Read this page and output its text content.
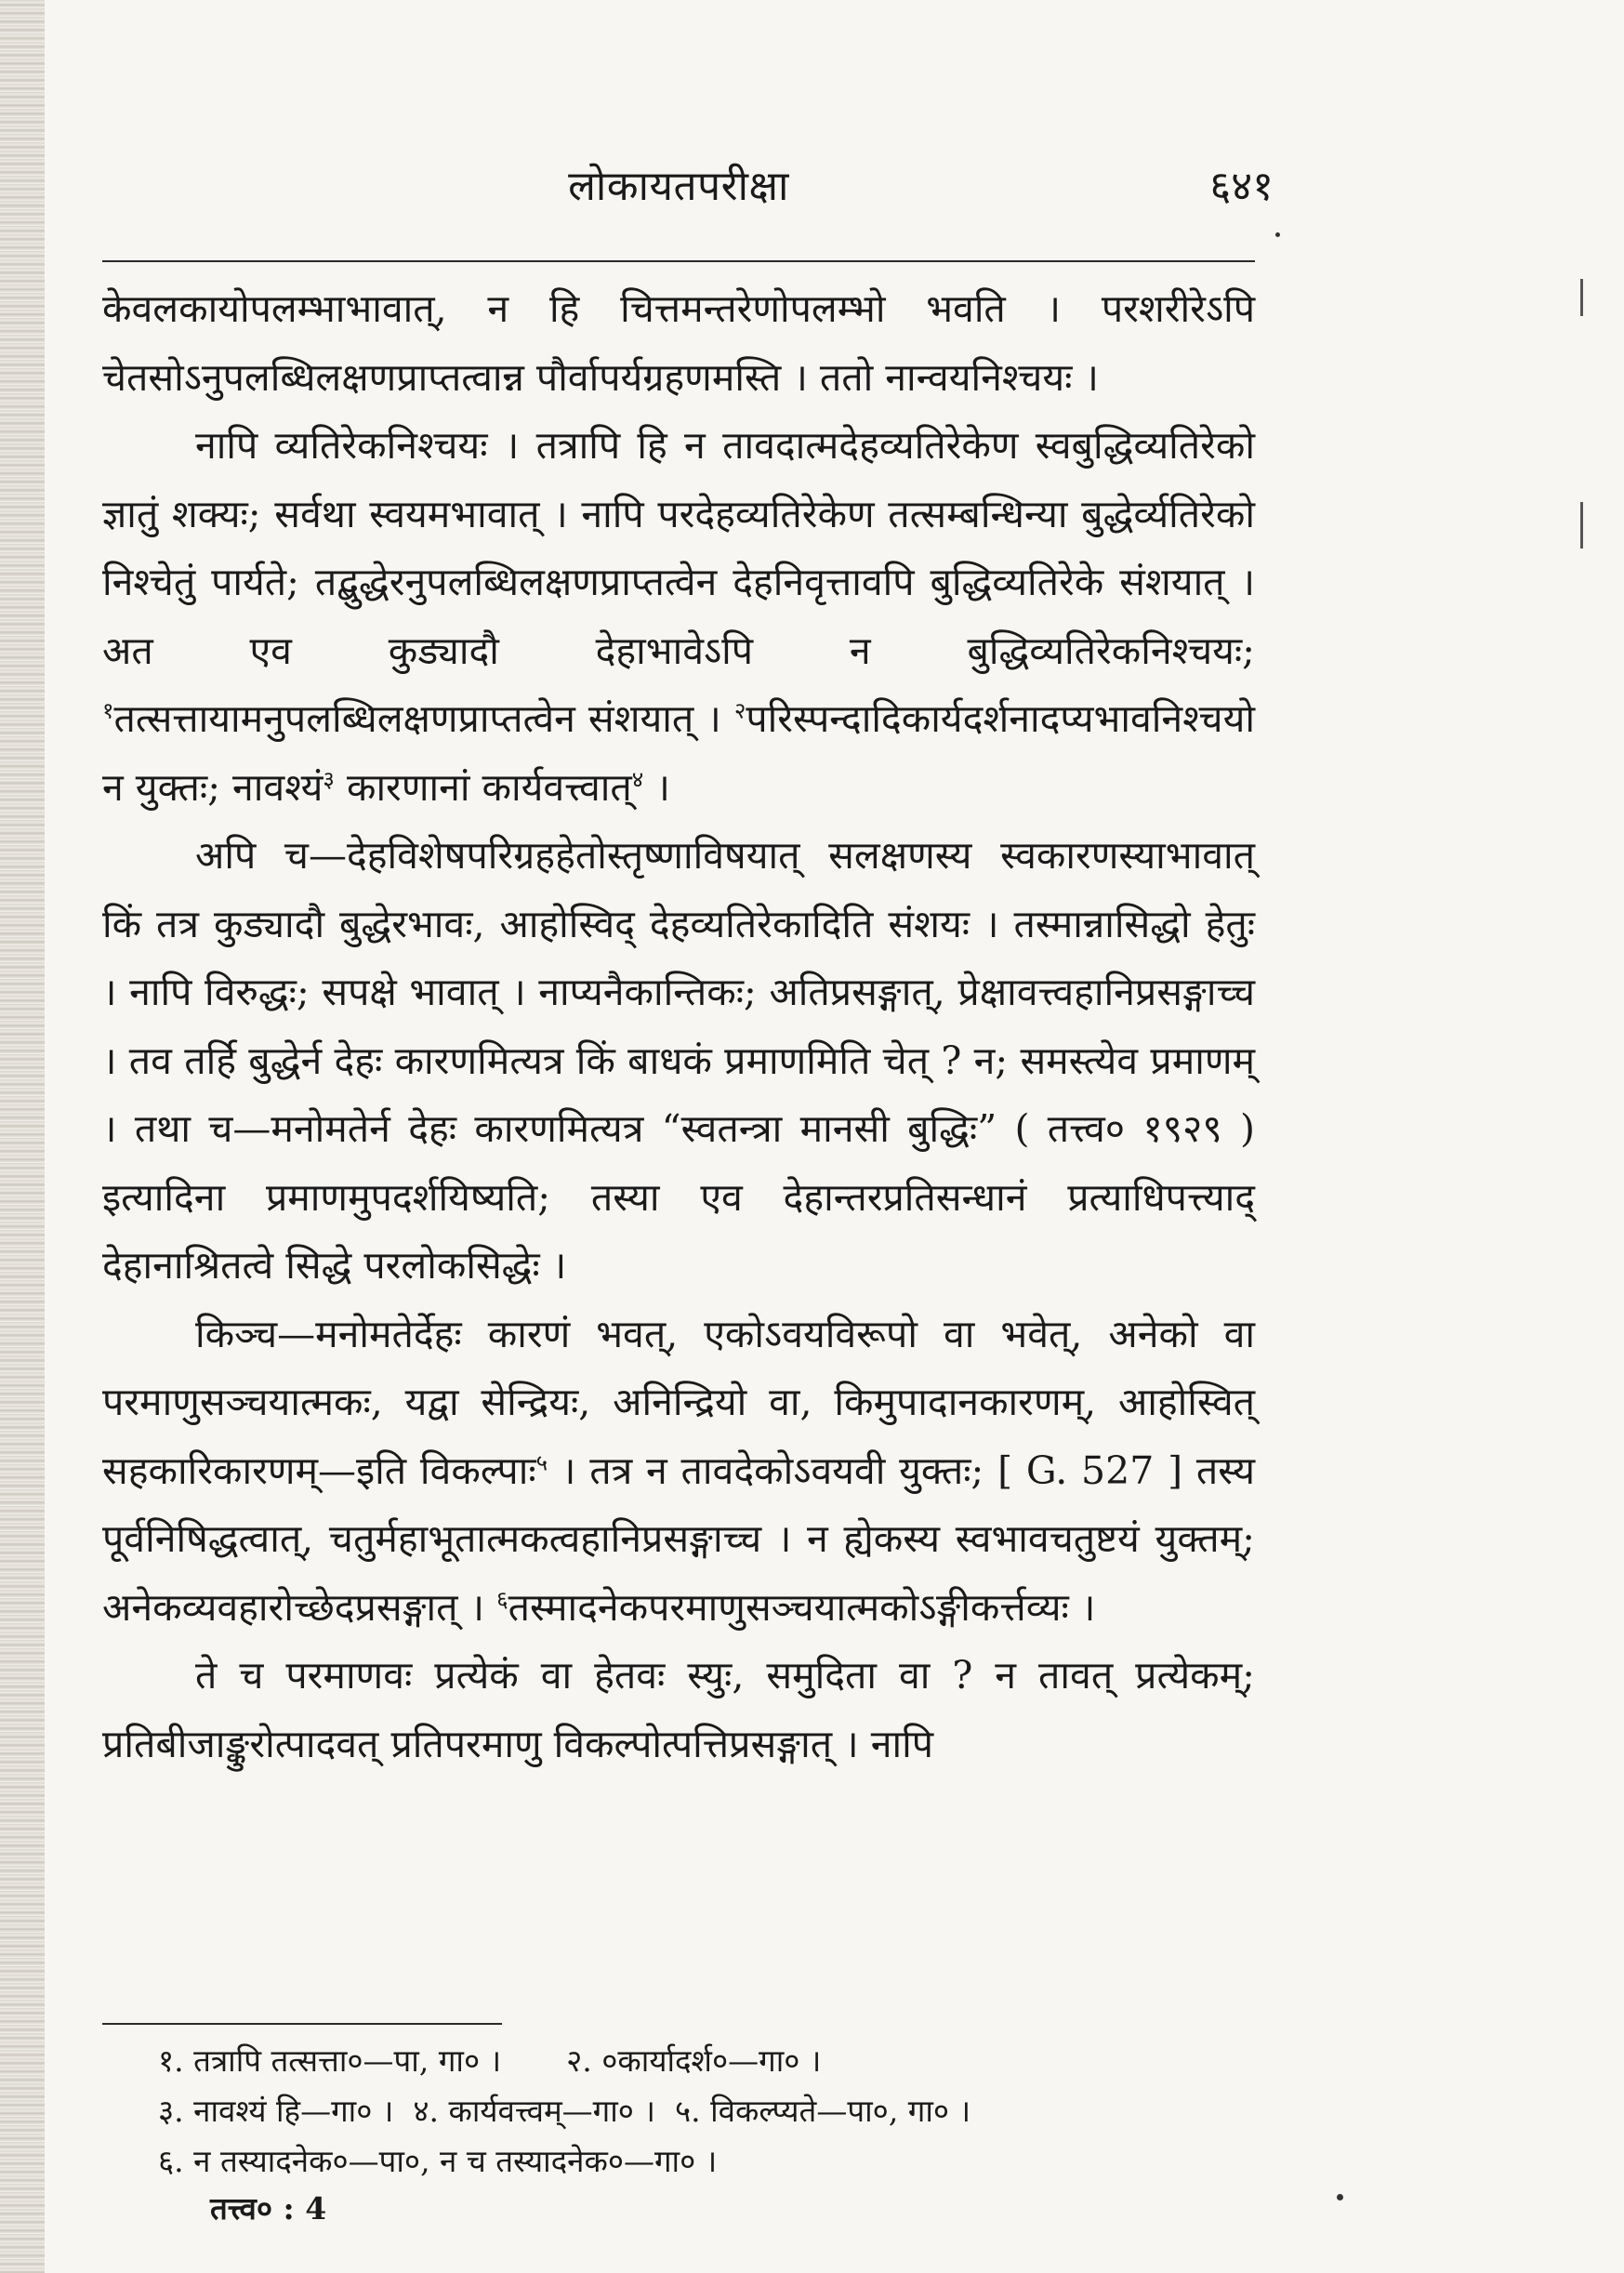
लोकायतपरीक्षा	६४१

केवलकायोपलम्भाभावात्, न हि चित्तमन्तरेणोपलम्भो भवति । परशरीरेऽपि चेतसोऽनुपलब्धिलक्षणप्राप्तत्वान्न पौर्वापर्यग्रहणमस्ति । ततो नान्वयनिश्चयः ।

नापि व्यतिरेकनिश्चयः । तत्रापि हि न तावदात्मदेहव्यतिरेकेण स्वबुद्धिव्यतिरेको ज्ञातुं शक्यः; सर्वथा स्वयमभावात् । नापि परदेहव्यतिरेकेण तत्सम्बन्धिन्या बुद्धेर्व्यतिरेको निश्चेतुं पार्यते; तद्बुद्धेरनुपलब्धिलक्षणप्राप्तत्वेन देहनिवृत्तावपि बुद्धिव्यतिरेके संशयात् । अत एव कुड्यादौ देहाभावेऽपि न बुद्धिव्यतिरेकनिश्चयः; $^१$तत्सत्तायामनुपलब्धिलक्षणप्राप्तत्वेन संशयात् । $^२$परिस्पन्दादिकार्यदर्शनादप्यभावनिश्चयो न युक्तः; नावश्यं$^३$ कारणानां कार्यवत्त्वात्$^४$ ।

अपि च—देहविशेषपरिग्रहहेतोस्तृष्णाविषयात् सलक्षणस्य स्वकारणस्याभावात् किं तत्र कुड्यादौ बुद्धेरभावः, आहोस्विद् देहव्यतिरेकादिति संशयः । तस्मान्नासिद्धो हेतुः । नापि विरुद्धः; सपक्षे भावात् । नाप्यनैकान्तिकः; अतिप्रसङ्गात्, प्रेक्षावत्त्वहानिप्रसङ्गाच्च । तव तर्हि बुद्धेर्न देहः कारणमित्यत्र किं बाधकं प्रमाणमिति चेत् ? न; समस्त्येव प्रमाणम् । तथा च—मनोमतेर्न देहः कारणमित्यत्र “स्वतन्त्रा मानसी बुद्धिः” ( तत्त्व० १९२९ ) इत्यादिना प्रमाणमुपदर्शयिष्यति; तस्या एव देहान्तरप्रतिसन्धानं प्रत्याधिपत्त्याद् देहानाश्रितत्वे सिद्धे परलोकसिद्धेः ।

किञ्च—मनोमतेर्देहः कारणं भवत्, एकोऽवयविरूपो वा भवेत्, अनेको वा परमाणुसञ्चयात्मकः, यद्वा सेन्द्रियः, अनिन्द्रियो वा, किमुपादानकारणम्, आहोस्वित् सहकारिकारणम्—इति विकल्पाः$^५$ । तत्र न तावदेकोऽवयवी युक्तः; [ G. 527 ] तस्य पूर्वनिषिद्धत्वात्, चतुर्महाभूतात्मकत्वहानिप्रसङ्गाच्च । न ह्येकस्य स्वभावचतुष्टयं युक्तम्; अनेकव्यवहारोच्छेदप्रसङ्गात् । $^६$तस्मादनेकपरमाणुसञ्चयात्मकोऽङ्गीकर्त्तव्यः ।

ते च परमाणवः प्रत्येकं वा हेतवः स्युः, समुदिता वा ? न तावत् प्रत्येकम्; प्रतिबीजाङ्कुरोत्पादवत् प्रतिपरमाणु विकल्पोत्पत्तिप्रसङ्गात् । नापि

१. तत्रापि तत्सत्ता०—पा, गा० । २. ०कार्यादर्श०—गा० ।
३. नावश्यं हि—गा० । ४. कार्यवत्त्वम्—गा० । ५. विकल्प्यते—पा०, गा० ।
६. न तस्यादनेक०—पा०, न च तस्यादनेक०—गा० ।
तत्त्व० : 4
